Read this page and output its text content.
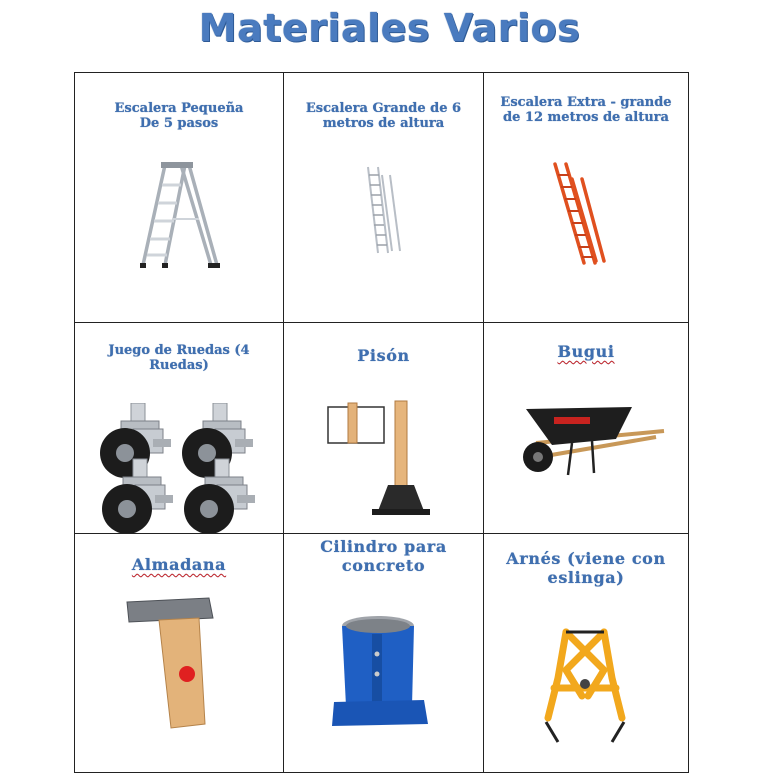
Materiales Varios
Escalera Pequeña
De 5 pasos
Escalera Grande de 6
metros de altura
Escalera Extra - grande
de 12 metros de altura
Juego de Ruedas (4
Ruedas)
Pisón	Bugui
Almadana
Cilindro para
concreto	Arnés (viene con
eslinga)
